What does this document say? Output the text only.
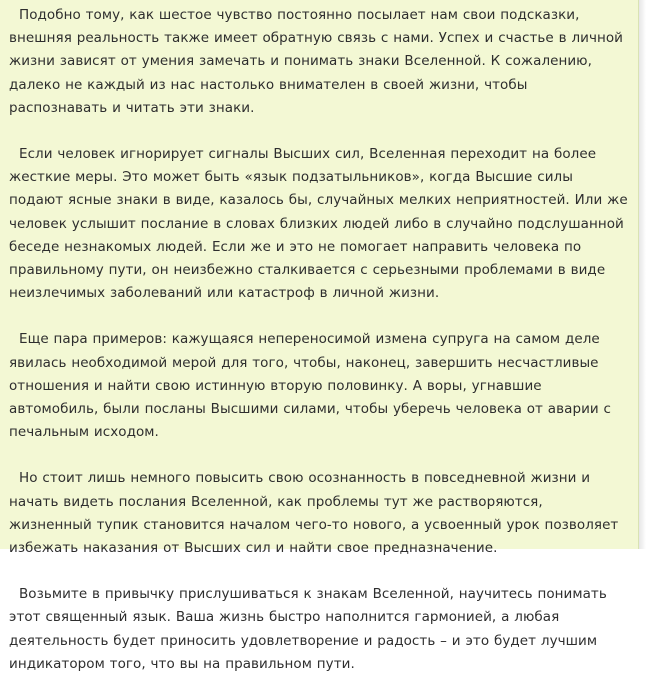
Подобно тому, как шестое чувство постоянно посылает нам свои подсказки, внешняя реальность также имеет обратную связь с нами. Успех и счастье в личной жизни зависят от умения замечать и понимать знаки Вселенной. К сожалению, далеко не каждый из нас настолько внимателен в своей жизни, чтобы распознавать и читать эти знаки.

Если человек игнорирует сигналы Высших сил, Вселенная переходит на более жесткие меры. Это может быть «язык подзатыльников», когда Высшие силы подают ясные знаки в виде, казалось бы, случайных мелких неприятностей. Или же человек услышит послание в словах близких людей либо в случайно подслушанной беседе незнакомых людей. Если же и это не помогает направить человека по правильному пути, он неизбежно сталкивается с серьезными проблемами в виде неизлечимых заболеваний или катастроф в личной жизни.

Еще пара примеров: кажущаяся непереносимой измена супруга на самом деле явилась необходимой мерой для того, чтобы, наконец, завершить несчастливые отношения и найти свою истинную вторую половинку. А воры, угнавшие автомобиль, были посланы Высшими силами, чтобы уберечь человека от аварии с печальным исходом.

Но стоит лишь немного повысить свою осознанность в повседневной жизни и начать видеть послания Вселенной, как проблемы тут же растворяются, жизненный тупик становится началом чего-то нового, а усвоенный урок позволяет избежать наказания от Высших сил и найти свое предназначение.

Возьмите в привычку прислушиваться к знакам Вселенной, научитесь понимать этот священный язык. Ваша жизнь быстро наполнится гармонией, а любая деятельность будет приносить удовлетворение и радость – и это будет лучшим индикатором того, что вы на правильном пути.
